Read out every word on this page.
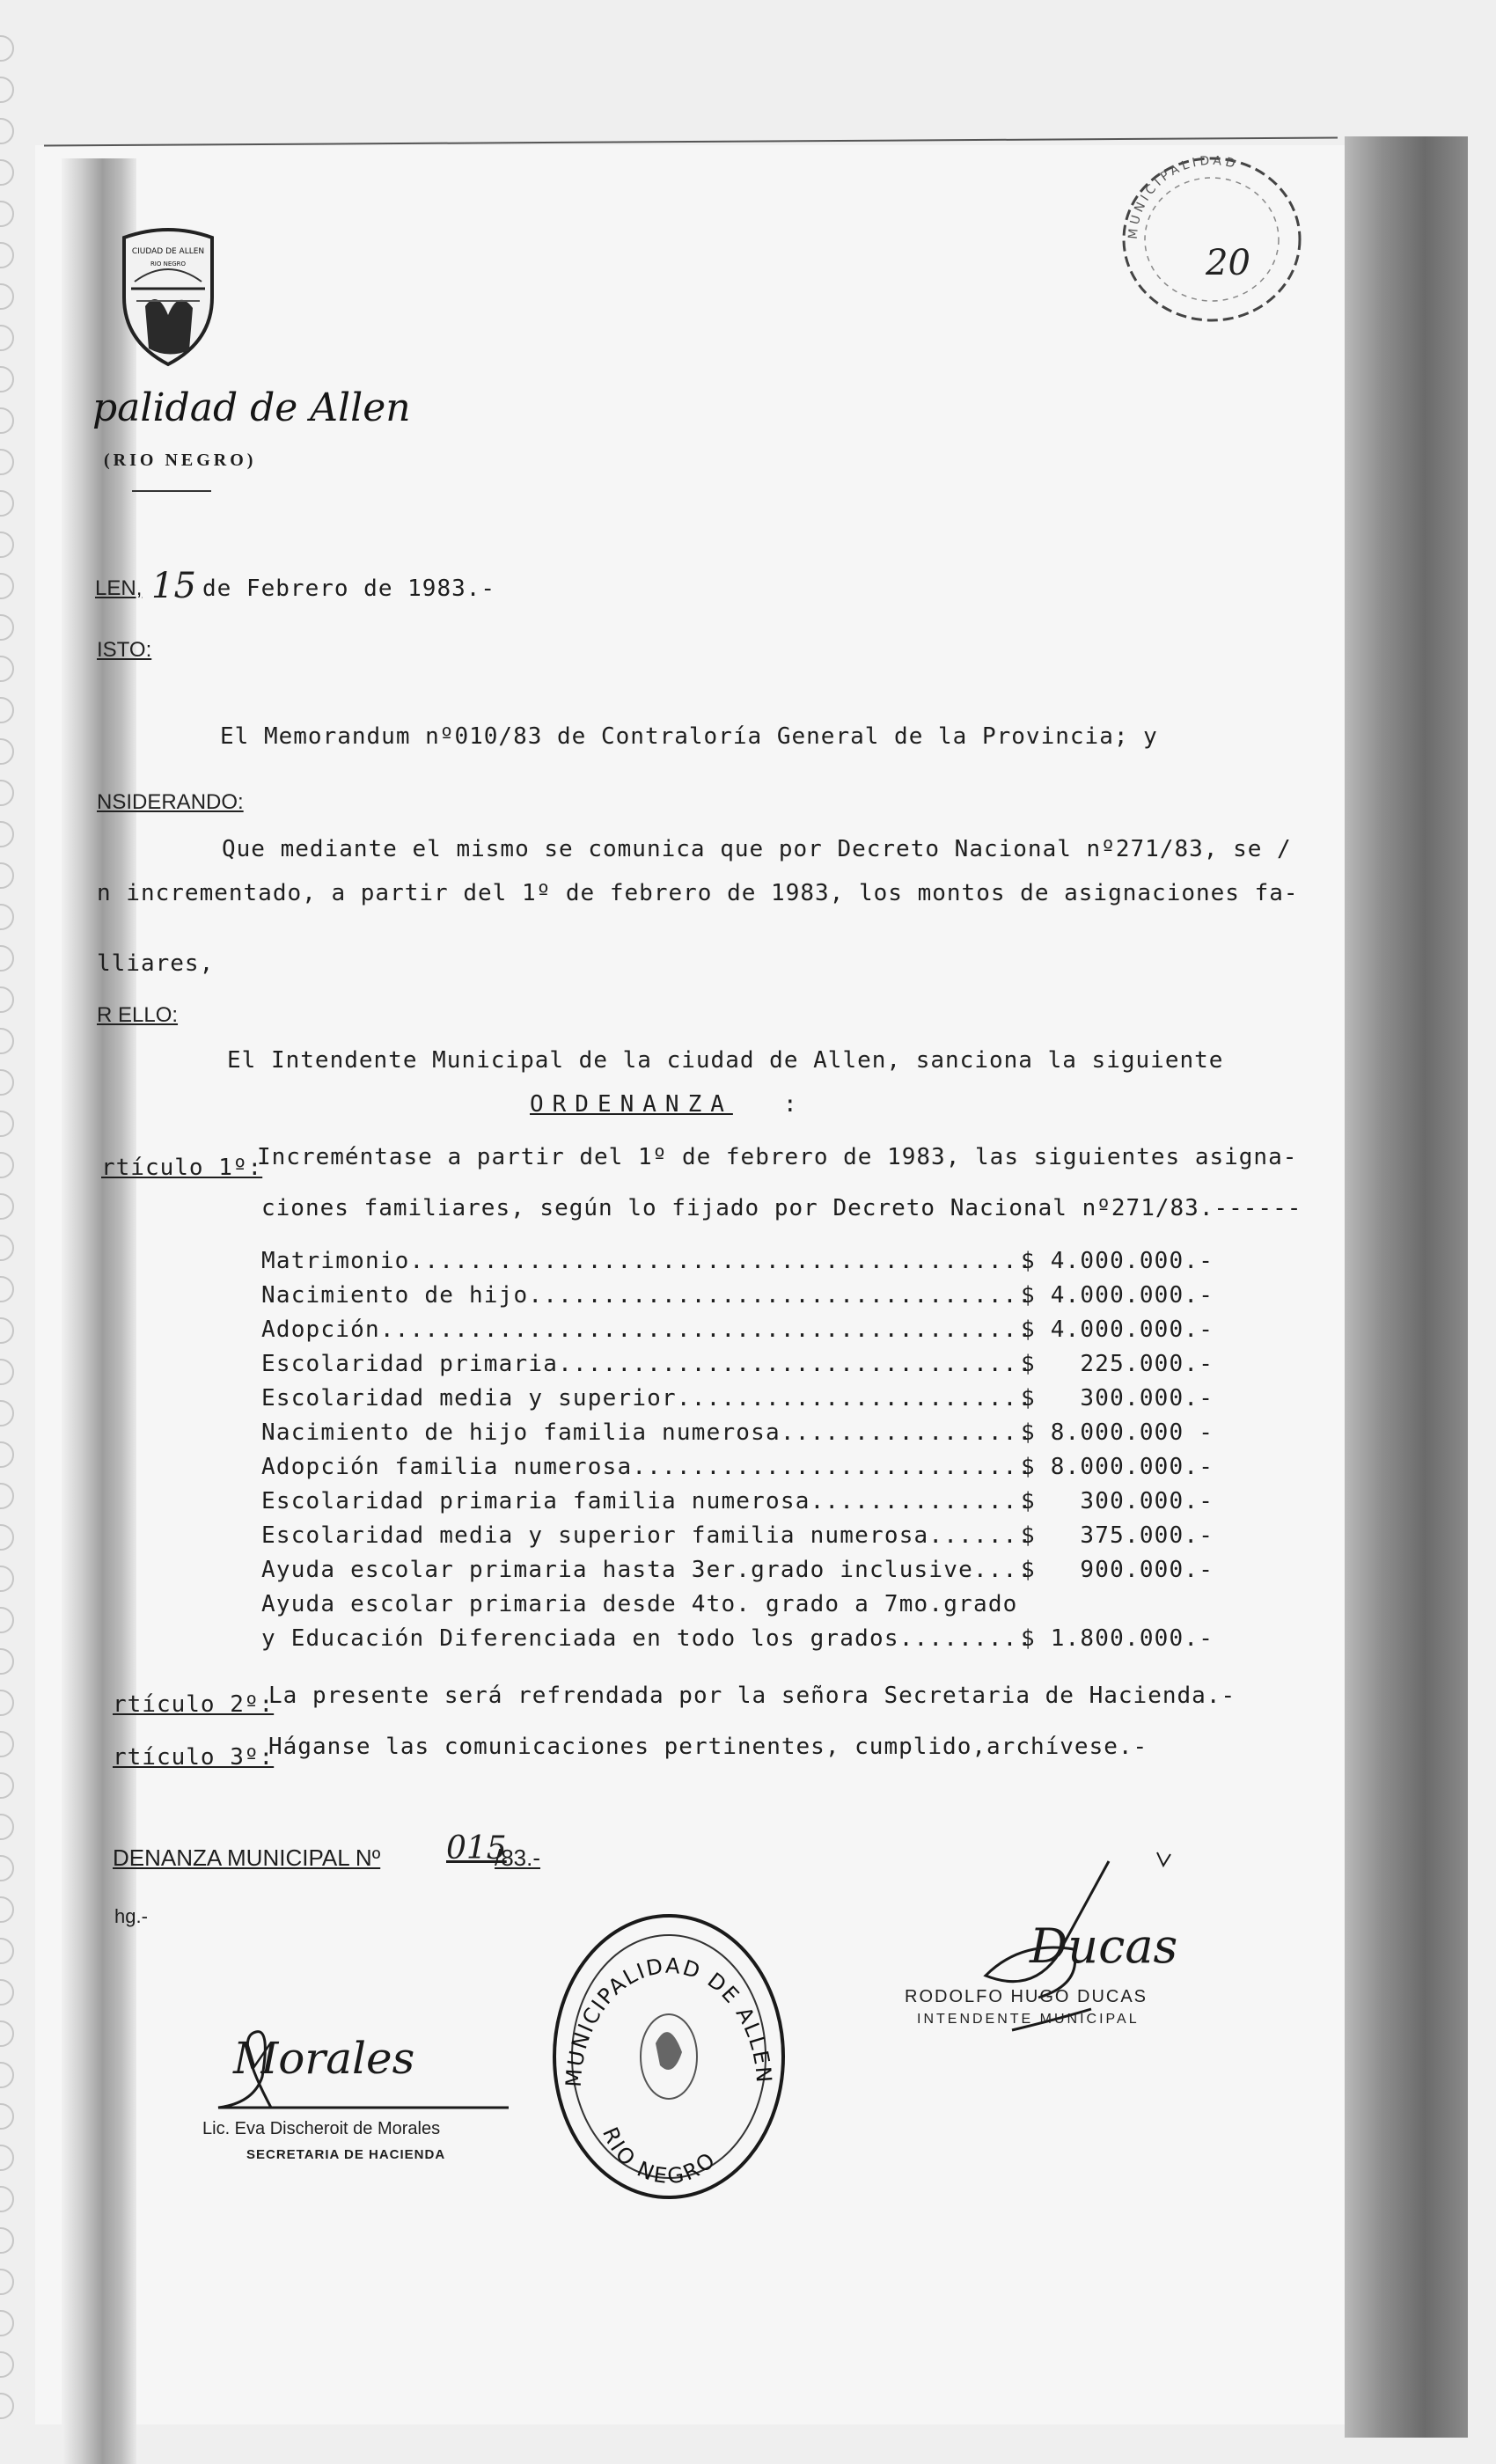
CIUDAD DE ALLEN
RIO NEGRO
palidad de Allen
(RIO NEGRO)
MUNICIPALIDAD
20
LEN, 15 de Febrero de 1983.-
ISTO:
El Memorandum nº010/83 de Contraloría General de la Provincia; y
NSIDERANDO:
Que mediante el mismo se comunica que por Decreto Nacional nº271/83, se /
n incrementado, a partir del 1º de febrero de 1983, los montos de asignaciones fa-
lliares,
R ELLO:
El Intendente Municipal de la ciudad de Allen, sanciona la siguiente
ORDENANZA :
rtículo 1º:
Increméntase a partir del 1º de febrero de 1983, las siguientes asigna-
ciones familiares, según lo fijado por Decreto Nacional nº271/83.------
Matrimonio..........................................
$ 4.000.000.-
Nacimiento de hijo..................................
$ 4.000.000.-
Adopción............................................
$ 4.000.000.-
Escolaridad primaria................................
$   225.000.-
Escolaridad media y superior........................
$   300.000.-
Nacimiento de hijo familia numerosa.................
$ 8.000.000 -
Adopción familia numerosa...........................
$ 8.000.000.-
Escolaridad primaria familia numerosa...............
$   300.000.-
Escolaridad media y superior familia numerosa.......
$   375.000.-
Ayuda escolar primaria hasta 3er.grado inclusive....
$   900.000.-
Ayuda escolar primaria desde 4to. grado a 7mo.grado
y Educación Diferenciada en todo los grados.........
$ 1.800.000.-
rtículo 2º:
La presente será refrendada por la señora Secretaria de Hacienda.-
rtículo 3º:
Háganse las comunicaciones pertinentes, cumplido,archívese.-
DENANZA MUNICIPAL Nº 015
/83.-
hg.-
Morales
Lic. Eva Discheroit de Morales
SECRETARIA DE HACIENDA
MUNICIPALIDAD DE ALLEN
RIO NEGRO
Ducas
RODOLFO HUGO DUCAS
INTENDENTE MUNICIPAL
